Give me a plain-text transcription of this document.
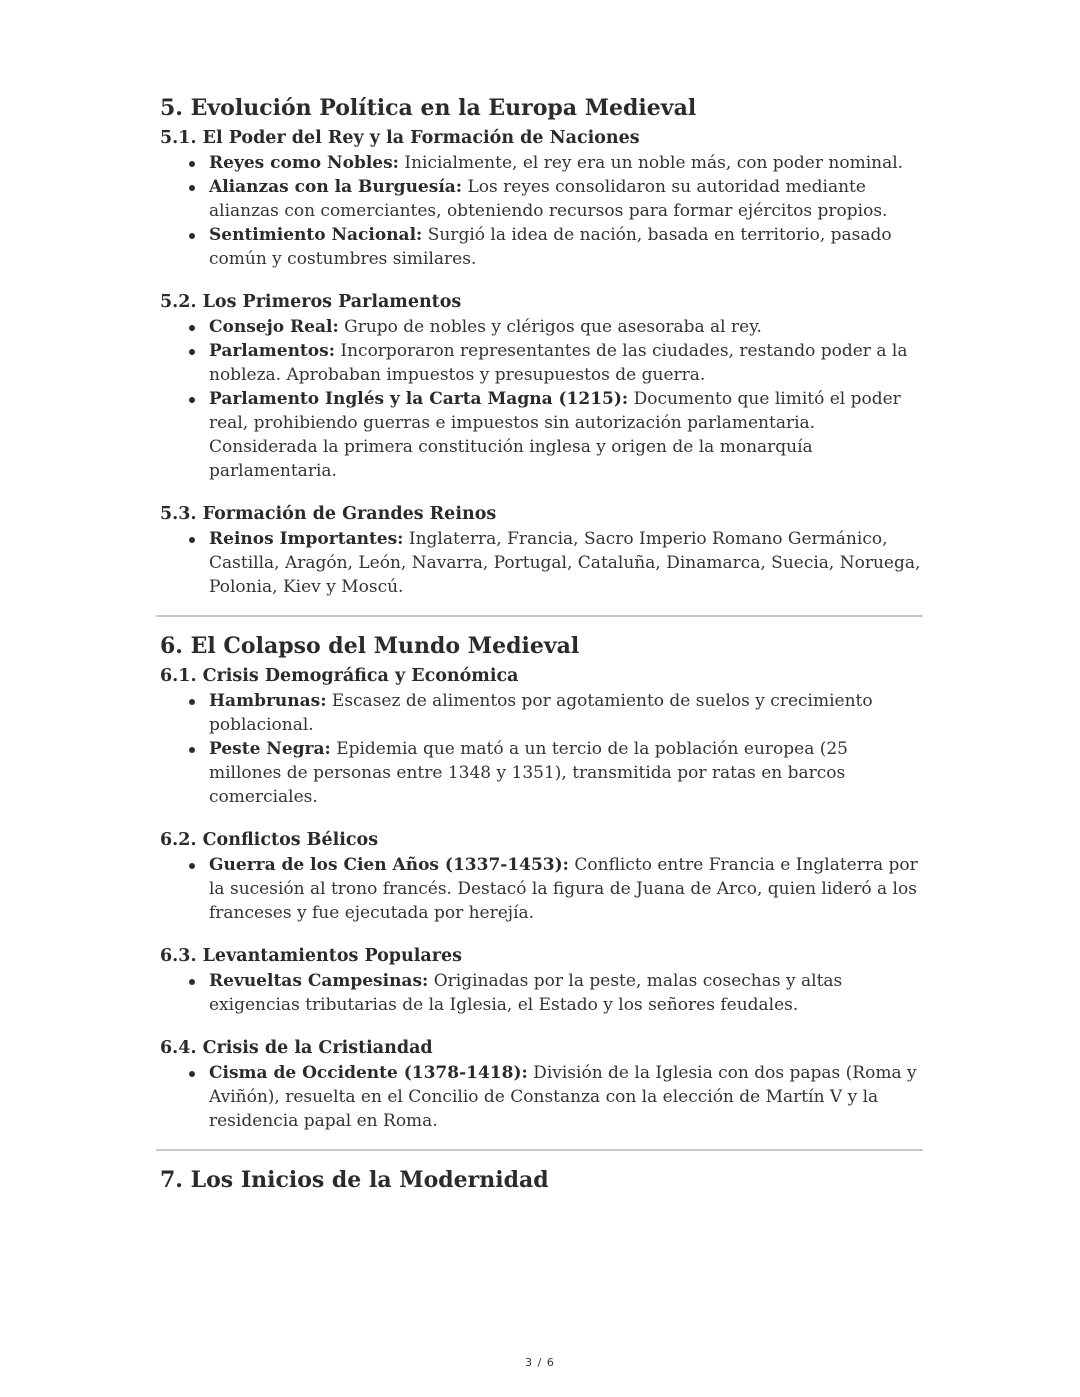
5. Evolución Política en la Europa Medieval
5.1. El Poder del Rey y la Formación de Naciones
Reyes como Nobles: Inicialmente, el rey era un noble más, con poder nominal.
Alianzas con la Burguesía: Los reyes consolidaron su autoridad mediante alianzas con comerciantes, obteniendo recursos para formar ejércitos propios.
Sentimiento Nacional: Surgió la idea de nación, basada en territorio, pasado común y costumbres similares.
5.2. Los Primeros Parlamentos
Consejo Real: Grupo de nobles y clérigos que asesoraba al rey.
Parlamentos: Incorporaron representantes de las ciudades, restando poder a la nobleza. Aprobaban impuestos y presupuestos de guerra.
Parlamento Inglés y la Carta Magna (1215): Documento que limitó el poder real, prohibiendo guerras e impuestos sin autorización parlamentaria. Considerada la primera constitución inglesa y origen de la monarquía parlamentaria.
5.3. Formación de Grandes Reinos
Reinos Importantes: Inglaterra, Francia, Sacro Imperio Romano Germánico, Castilla, Aragón, León, Navarra, Portugal, Cataluña, Dinamarca, Suecia, Noruega, Polonia, Kiev y Moscú.
6. El Colapso del Mundo Medieval
6.1. Crisis Demográfica y Económica
Hambrunas: Escasez de alimentos por agotamiento de suelos y crecimiento poblacional.
Peste Negra: Epidemia que mató a un tercio de la población europea (25 millones de personas entre 1348 y 1351), transmitida por ratas en barcos comerciales.
6.2. Conflictos Bélicos
Guerra de los Cien Años (1337-1453): Conflicto entre Francia e Inglaterra por la sucesión al trono francés. Destacó la figura de Juana de Arco, quien lideró a los franceses y fue ejecutada por herejía.
6.3. Levantamientos Populares
Revueltas Campesinas: Originadas por la peste, malas cosechas y altas exigencias tributarias de la Iglesia, el Estado y los señores feudales.
6.4. Crisis de la Cristiandad
Cisma de Occidente (1378-1418): División de la Iglesia con dos papas (Roma y Aviñón), resuelta en el Concilio de Constanza con la elección de Martín V y la residencia papal en Roma.
7. Los Inicios de la Modernidad
3 / 6
